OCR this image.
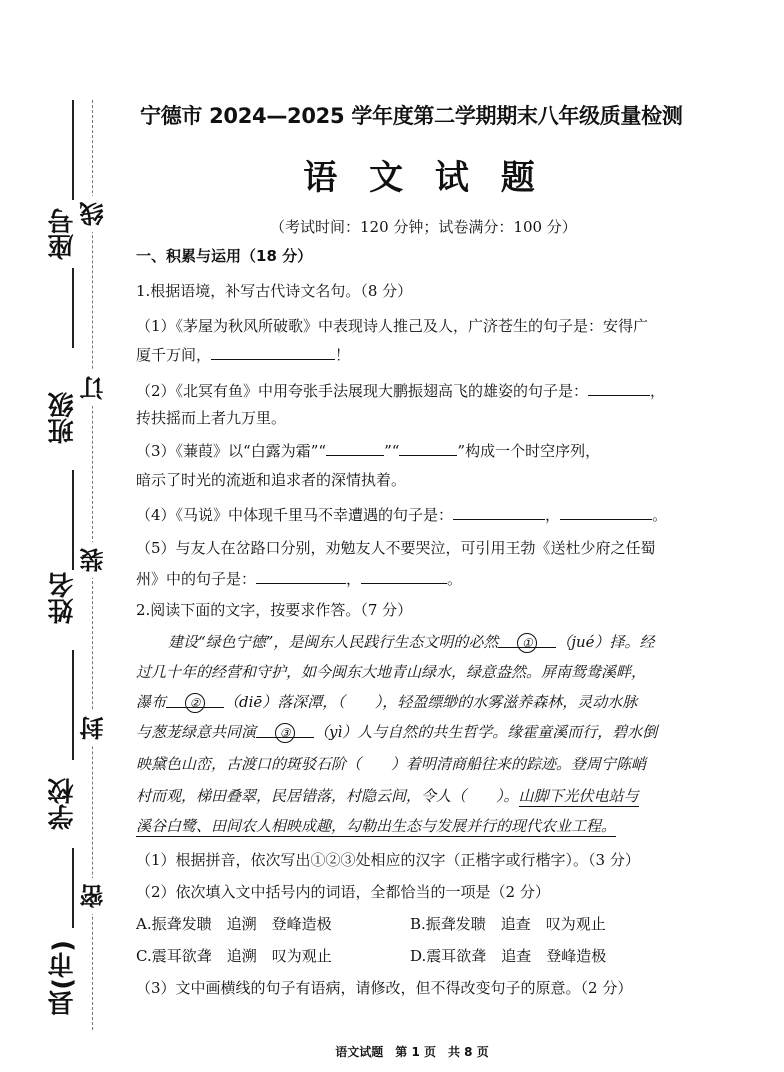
座号
班级
姓名
学校
县(市)
线
订
装
封
密
宁德市 2024—2025 学年度第二学期期末八年级质量检测
语 文 试 题
（考试时间：120 分钟；试卷满分：100 分）
一、积累与运用（18 分）
1.根据语境，补写古代诗文名句。（8 分）
（1）《茅屋为秋风所破歌》中表现诗人推己及人，广济苍生的句子是：安得广
厦千万间，	！
（2）《北冥有鱼》中用夸张手法展现大鹏振翅高飞的雄姿的句子是：	，
抟扶摇而上者九万里。
（3）《蒹葭》以“白露为霜”“	”“	”构成一个时空序列，
暗示了时光的流逝和追求者的深情执着。
（4）《马说》中体现千里马不幸遭遇的句子是：	，	。
（5）与友人在岔路口分别，劝勉友人不要哭泣，可引用王勃《送杜少府之任蜀
州》中的句子是：	，	。
2.阅读下面的文字，按要求作答。（7 分）
建设“绿色宁德”，是闽东人民践行生态文明的必然 ① （jué）择。经
过几十年的经营和守护，如今闽东大地青山绿水，绿意盎然。屏南鸳鸯溪畔，
瀑布 ② （diē）落深潭，（　　），轻盈缥缈的水雾滋养森林，灵动水脉
与葱茏绿意共同演 ③ （yì）人与自然的共生哲学。缘霍童溪而行，碧水倒
映黛色山峦，古渡口的斑驳石阶（　　）着明清商船往来的踪迹。登周宁陈峭
村而观，梯田叠翠，民居错落，村隐云间，令人（　　）。山脚下光伏电站与
溪谷白鹭、田间农人相映成趣，勾勒出生态与发展并行的现代农业工程。
（1）根据拼音，依次写出①②③处相应的汉字（正楷字或行楷字）。（3 分）
（2）依次填入文中括号内的词语，全都恰当的一项是（2 分）
A.振聋发聩　追溯　登峰造极	B.振聋发聩　追查　叹为观止
C.震耳欲聋　追溯　叹为观止	D.震耳欲聋　追查　登峰造极
（3）文中画横线的句子有语病，请修改，但不得改变句子的原意。（2 分）
语文试题　第 1 页　共 8 页
